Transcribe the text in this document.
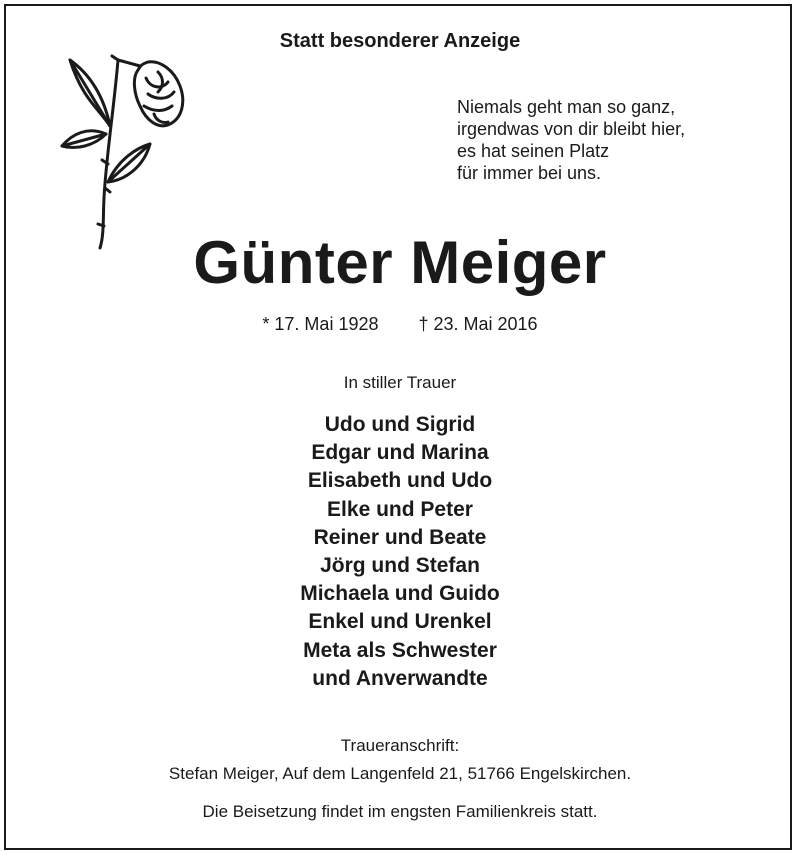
Statt besonderer Anzeige
Niemals geht man so ganz,
irgendwas von dir bleibt hier,
es hat seinen Platz
für immer bei uns.
Günter Meiger
* 17. Mai 1928 † 23. Mai 2016
In stiller Trauer
Udo und Sigrid
Edgar und Marina
Elisabeth und Udo
Elke und Peter
Reiner und Beate
Jörg und Stefan
Michaela und Guido
Enkel und Urenkel
Meta als Schwester
und Anverwandte
Traueranschrift:
Stefan Meiger, Auf dem Langenfeld 21, 51766 Engelskirchen.
Die Beisetzung findet im engsten Familienkreis statt.
